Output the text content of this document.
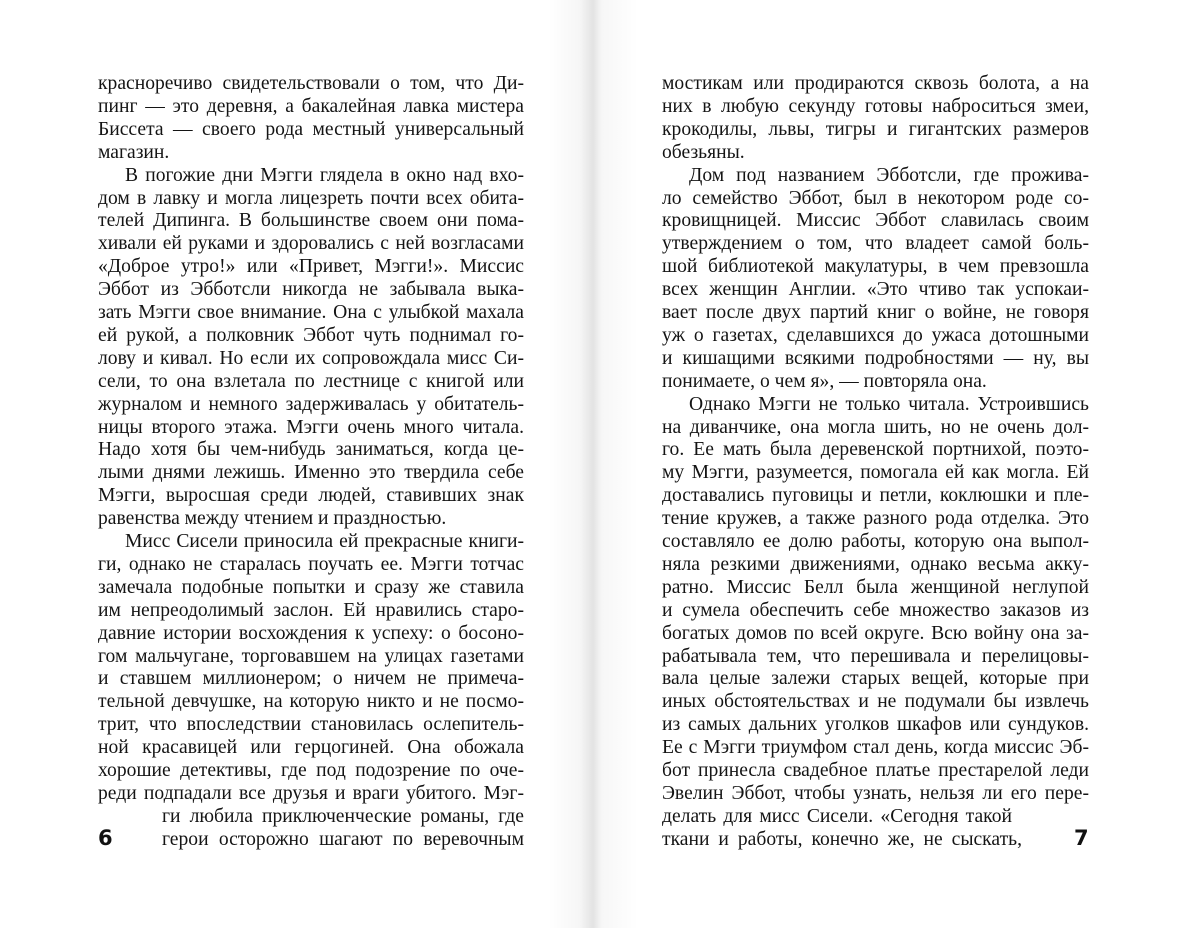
6	7
красноречиво свидетельствовали о том, что Ди-
пинг — это деревня, а бакалейная лавка мистера
Биссета — своего рода местный универсальный
магазин.
В погожие дни Мэгги глядела в окно над вхо-
дом в лавку и могла лицезреть почти всех обита-
телей Дипинга. В большинстве своем они пома-
хивали ей руками и здоровались с ней возгласами
«Доброе утро!» или «Привет, Мэгги!». Миссис
Эббот из Эбботсли никогда не забывала выка-
зать Мэгги свое внимание. Она с улыбкой махала
ей рукой, а полковник Эббот чуть поднимал го-
лову и кивал. Но если их сопровождала мисс Си-
сели, то она взлетала по лестнице с книгой или
журналом и немного задерживалась у обитатель-
ницы второго этажа. Мэгги очень много читала.
Надо хотя бы чем-нибудь заниматься, когда це-
лыми днями лежишь. Именно это твердила себе
Мэгги, выросшая среди людей, ставивших знак
равенства между чтением и праздностью.
Мисс Сисели приносила ей прекрасные книги-
ги, однако не старалась поучать ее. Мэгги тотчас
замечала подобные попытки и сразу же ставила
им непреодолимый заслон. Ей нравились старо-
давние истории восхождения к успеху: о босоно-
гом мальчугане, торговавшем на улицах газетами
и ставшем миллионером; о ничем не примеча-
тельной девчушке, на которую никто и не посмо-
трит, что впоследствии становилась ослепитель-
ной красавицей или герцогиней. Она обожала
хорошие детективы, где под подозрение по оче-
реди подпадали все друзья и враги убитого. Мэг-
ги любила приключенческие романы, где
герои осторожно шагают по веревочным
мостикам или продираются сквозь болота, а на
них в любую секунду готовы наброситься змеи,
крокодилы, львы, тигры и гигантских размеров
обезьяны.
Дом под названием Эбботсли, где прожива-
ло семейство Эббот, был в некотором роде со-
кровищницей. Миссис Эббот славилась своим
утверждением о том, что владеет самой боль-
шой библиотекой макулатуры, в чем превзошла
всех женщин Англии. «Это чтиво так успокаи-
вает после двух партий книг о войне, не говоря
уж о газетах, сделавшихся до ужаса дотошными
и кишащими всякими подробностями — ну, вы
понимаете, о чем я», — повторяла она.
Однако Мэгги не только читала. Устроившись
на диванчике, она могла шить, но не очень дол-
го. Ее мать была деревенской портнихой, поэто-
му Мэгги, разумеется, помогала ей как могла. Ей
доставались пуговицы и петли, коклюшки и пле-
тение кружев, а также разного рода отделка. Это
составляло ее долю работы, которую она выпол-
няла резкими движениями, однако весьма акку-
ратно. Миссис Белл была женщиной неглупой
и сумела обеспечить себе множество заказов из
богатых домов по всей округе. Всю войну она за-
рабатывала тем, что перешивала и перелицовы-
вала целые залежи старых вещей, которые при
иных обстоятельствах и не подумали бы извлечь
из самых дальних уголков шкафов или сундуков.
Ее с Мэгги триумфом стал день, когда миссис Эб-
бот принесла свадебное платье престарелой леди
Эвелин Эббот, чтобы узнать, нельзя ли его пере-
делать для мисс Сисели. «Сегодня такой
ткани и работы, конечно же, не сыскать,
